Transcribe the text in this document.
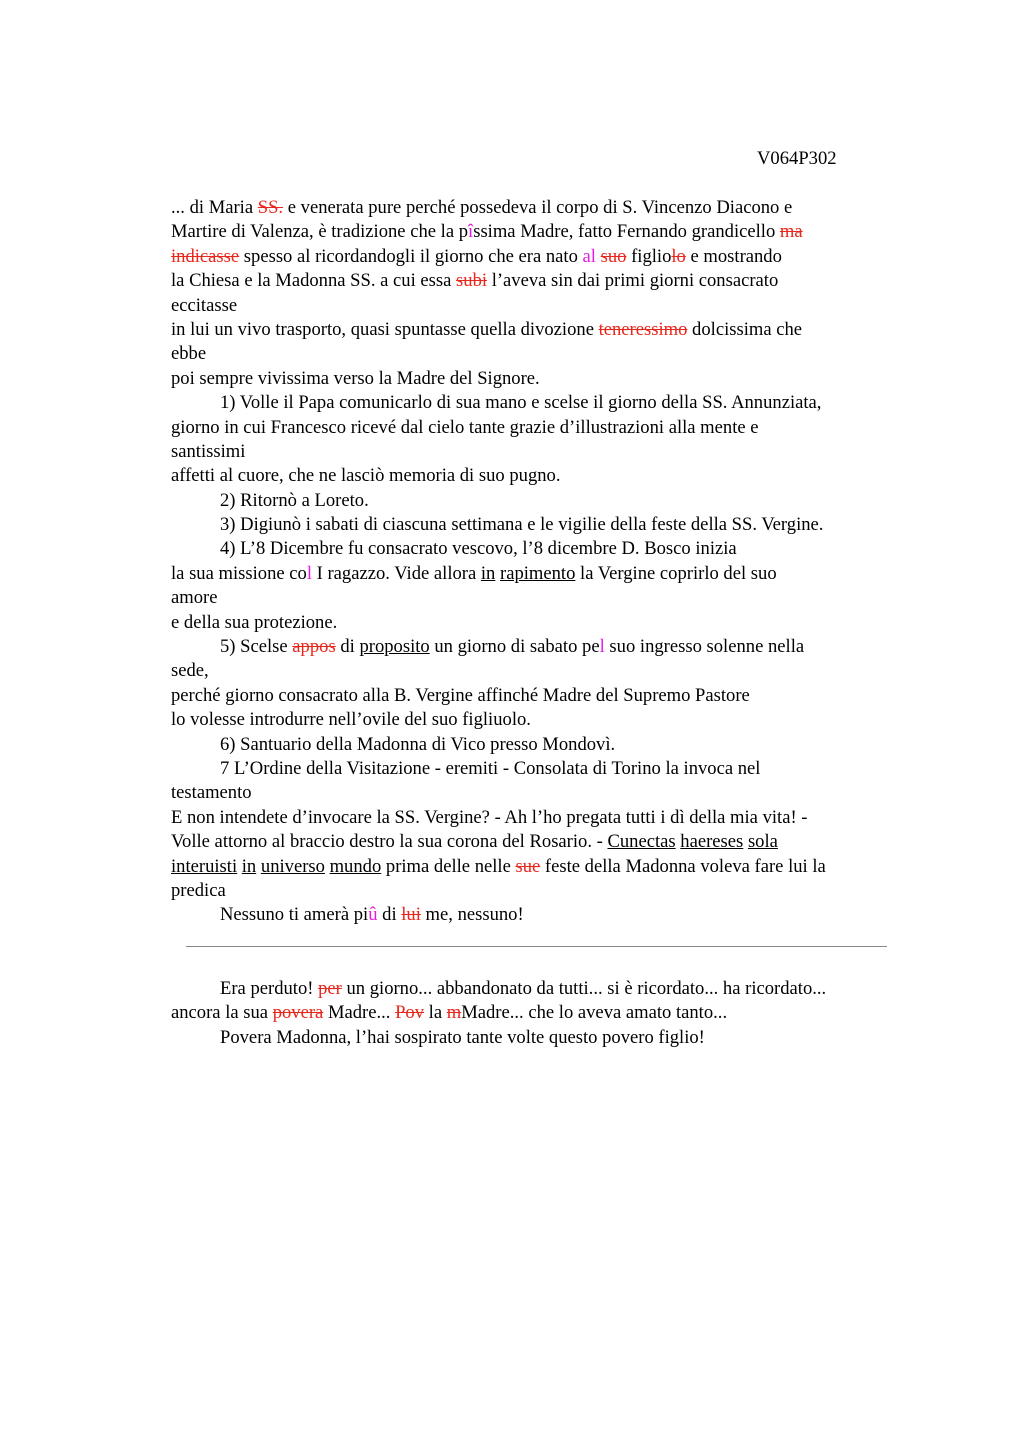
V064P302
... di Maria SS. e venerata pure perché possedeva il corpo di S. Vincenzo Diacono e
Martire di Valenza, è tradizione che la pîssima Madre, fatto Fernando grandicello ma
indicasse spesso al ricordandogli il giorno che era nato al suo figliolo e mostrando
la Chiesa e la Madonna SS. a cui essa subi l’aveva sin dai primi giorni consacrato
eccitasse
in lui un vivo trasporto, quasi spuntasse quella divozione teneressimo dolcissima che
ebbe
poi sempre vivissima verso la Madre del Signore.
1) Volle il Papa comunicarlo di sua mano e scelse il giorno della SS. Annunziata,
giorno in cui Francesco ricevé dal cielo tante grazie d’illustrazioni alla mente e
santissimi
affetti al cuore, che ne lasciò memoria di suo pugno.
2) Ritornò a Loreto.
3) Digiunò i sabati di ciascuna settimana e le vigilie della feste della SS. Vergine.
4) L’8 Dicembre fu consacrato vescovo, l’8 dicembre D. Bosco inizia
la sua missione col I ragazzo. Vide allora in rapimento la Vergine coprirlo del suo
amore
e della sua protezione.
5) Scelse appos di proposito un giorno di sabato pel suo ingresso solenne nella
sede,
perché giorno consacrato alla B. Vergine affinché Madre del Supremo Pastore
lo volesse introdurre nell’ovile del suo figliuolo.
6) Santuario della Madonna di Vico presso Mondovì.
7 L’Ordine della Visitazione - eremiti - Consolata di Torino la invoca nel
testamento
E non intendete d’invocare la SS. Vergine? - Ah l’ho pregata tutti i dì della mia vita! -
Volle attorno al braccio destro la sua corona del Rosario. - Cunectas haereses sola
interuisti in universo mundo prima delle nelle sue feste della Madonna voleva fare lui la
predica
Nessuno ti amerà piû di lui me, nessuno!
Era perduto! per un giorno... abbandonato da tutti... si è ricordato... ha ricordato...
ancora la sua povera Madre... Pov la mMadre... che lo aveva amato tanto...
Povera Madonna, l’hai sospirato tante volte questo povero figlio!
